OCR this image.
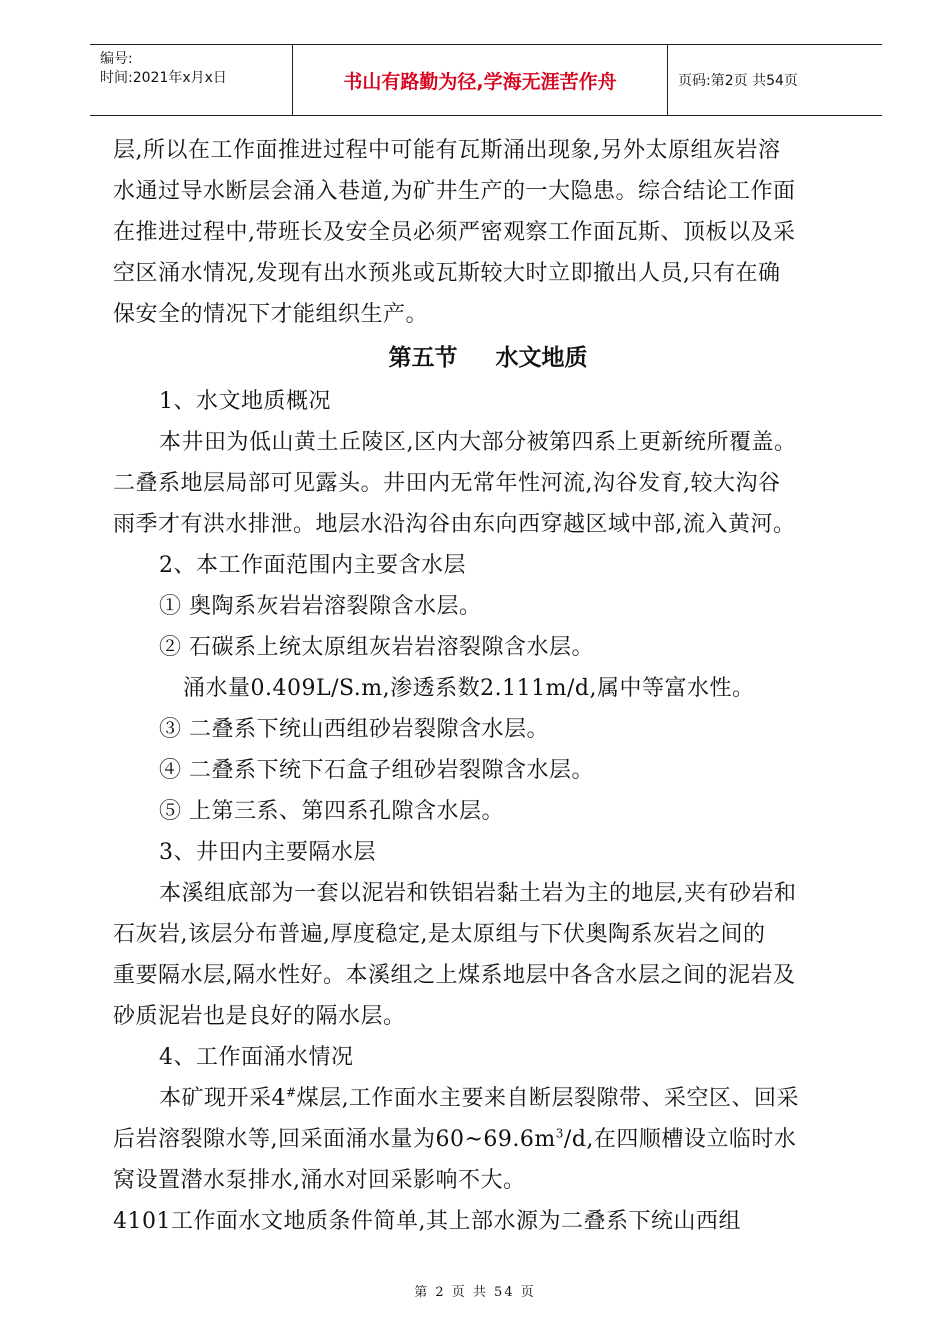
编号:
时间:2021年x月x日	书山有路勤为径,学海无涯苦作舟	页码:第2页 共54页
层,所以在工作面推进过程中可能有瓦斯涌出现象,另外太原组灰岩溶
水通过导水断层会涌入巷道,为矿井生产的一大隐患。综合结论工作面
在推进过程中,带班长及安全员必须严密观察工作面瓦斯、顶板以及采
空区涌水情况,发现有出水预兆或瓦斯较大时立即撤出人员,只有在确
保安全的情况下才能组织生产。
第五节 水文地质
1、水文地质概况
本井田为低山黄土丘陵区,区内大部分被第四系上更新统所覆盖。
二叠系地层局部可见露头。井田内无常年性河流,沟谷发育,较大沟谷
雨季才有洪水排泄。地层水沿沟谷由东向西穿越区域中部,流入黄河。
2、本工作面范围内主要含水层
① 奥陶系灰岩岩溶裂隙含水层。
② 石碳系上统太原组灰岩岩溶裂隙含水层。
涌水量0.409L/S.m,渗透系数2.111m/d,属中等富水性。
③ 二叠系下统山西组砂岩裂隙含水层。
④ 二叠系下统下石盒子组砂岩裂隙含水层。
⑤ 上第三系、第四系孔隙含水层。
3、井田内主要隔水层
本溪组底部为一套以泥岩和铁铝岩黏土岩为主的地层,夹有砂岩和
石灰岩,该层分布普遍,厚度稳定,是太原组与下伏奥陶系灰岩之间的
重要隔水层,隔水性好。本溪组之上煤系地层中各含水层之间的泥岩及
砂质泥岩也是良好的隔水层。
4、工作面涌水情况
本矿现开采4#煤层,工作面水主要来自断层裂隙带、采空区、回采
后岩溶裂隙水等,回采面涌水量为$60\sim 69.6m^3/d$,在四顺槽设立临时水
窝设置潜水泵排水,涌水对回采影响不大。
4101工作面水文地质条件简单,其上部水源为二叠系下统山西组
第 2 页 共 54 页
